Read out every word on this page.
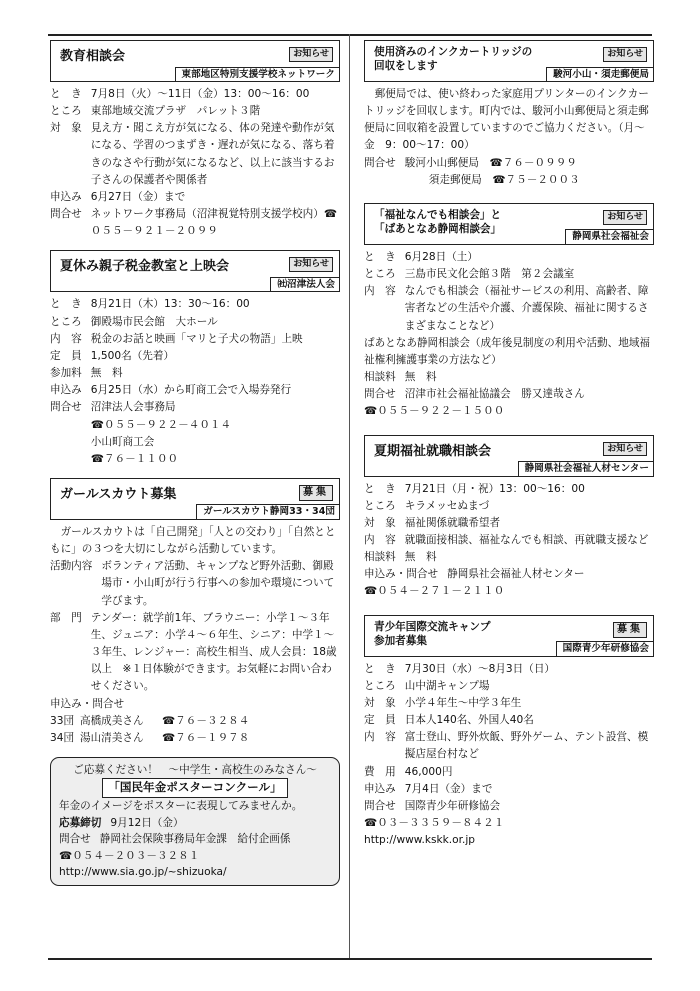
教育相談会	お知らせ
東部地区特別支援学校ネットワーク
と　き 7月8日（火）～11日（金）13：00～16：00
ところ 東部地域交流プラザ　パレット３階
対　象 見え方・聞こえ方が気になる、体の発達や動作が気になる、学習のつまずき・遅れが気になる、落ち着きのなさや行動が気になるなど、以上に該当するお子さんの保護者や関係者
申込み 6月27日（金）まで
問合せ ネットワーク事務局（沼津視覚特別支援学校内）☎０５５－９２１－２０９９
夏休み親子税金教室と上映会	お知らせ
㈳沼津法人会
と　き 8月21日（木）13：30～16：00
ところ 御殿場市民会館　大ホール
内　容 税金のお話と映画「マリと子犬の物語」上映
定　員 1,500名（先着）
参加料 無　料
申込み 6月25日（水）から町商工会で入場券発行
問合せ 沼津法人会事務局
☎０５５－９２２－４０１４
小山町商工会
☎７６－１１００
ガールスカウト募集	募集
ガールスカウト静岡33・34団
ガールスカウトは「自己開発」「人との交わり」「自然とともに」の３つを大切にしながら活動しています。
活動内容 ボランティア活動、キャンプなど野外活動、御殿場市・小山町が行う行事への参加や環境について学びます。
部　門 テンダー：就学前1年、ブラウニー：小学１～３年生、ジュニア：小学４～６年生、シニア：中学１～３年生、レンジャー：高校生相当、成人会員：18歳以上　※１日体験ができます。お気軽にお問い合わせください。
申込み・問合せ
33団 高橋成美さん	☎７６－３２８４
34団 湯山清美さん	☎７６－１９７８
ご応募ください！　～中学生・高校生のみなさん～
「国民年金ポスターコンクール」
年金のイメージをポスターに表現してみませんか。
応募締切 9月12日（金）
問合せ 静岡社会保険事務局年金課　給付企画係
☎０５４－２０３－３２８１
http://www.sia.go.jp/~shizuoka/
使用済みのインクカートリッジの
回収をします
お知らせ
駿河小山・須走郵便局
郵便局では、使い終わった家庭用プリンターのインクカートリッジを回収します。町内では、駿河小山郵便局と須走郵便局に回収箱を設置していますのでご協力ください。（月～金　9：00～17：00）
問合せ 駿河小山郵便局　☎７６－０９９９
須走郵便局　☎７５－２００３
「福祉なんでも相談会」と
「ぱあとなあ静岡相談会」
お知らせ
静岡県社会福祉会
と　き 6月28日（土）
ところ 三島市民文化会館３階　第２会議室
内　容 なんでも相談会（福祉サービスの利用、高齢者、障害者などの生活や介護、介護保険、福祉に関するさまざまなことなど）
ぱあとなあ静岡相談会（成年後見制度の利用や活動、地域福祉権利擁護事業の方法など）
相談料 無　料
問合せ 沼津市社会福祉協議会　勝又達哉さん
☎０５５－９２２－１５００
夏期福祉就職相談会	お知らせ
静岡県社会福祉人材センター
と　き 7月21日（月・祝）13：00～16：00
ところ キラメッセぬまづ
対　象 福祉関係就職希望者
内　容 就職面接相談、福祉なんでも相談、再就職支援など
相談料 無　料
申込み・問合せ 静岡県社会福祉人材センター
☎０５４－２７１－２１１０
青少年国際交流キャンプ
参加者募集
募集
国際青少年研修協会
と　き 7月30日（水）～8月3日（日）
ところ 山中湖キャンプ場
対　象 小学４年生～中学３年生
定　員 日本人140名、外国人40名
内　容 富士登山、野外炊飯、野外ゲーム、テント設営、模擬店屋台村など
費　用 46,000円
申込み 7月4日（金）まで
問合せ 国際青少年研修協会
☎０３－３３５９－８４２１
http://www.kskk.or.jp
